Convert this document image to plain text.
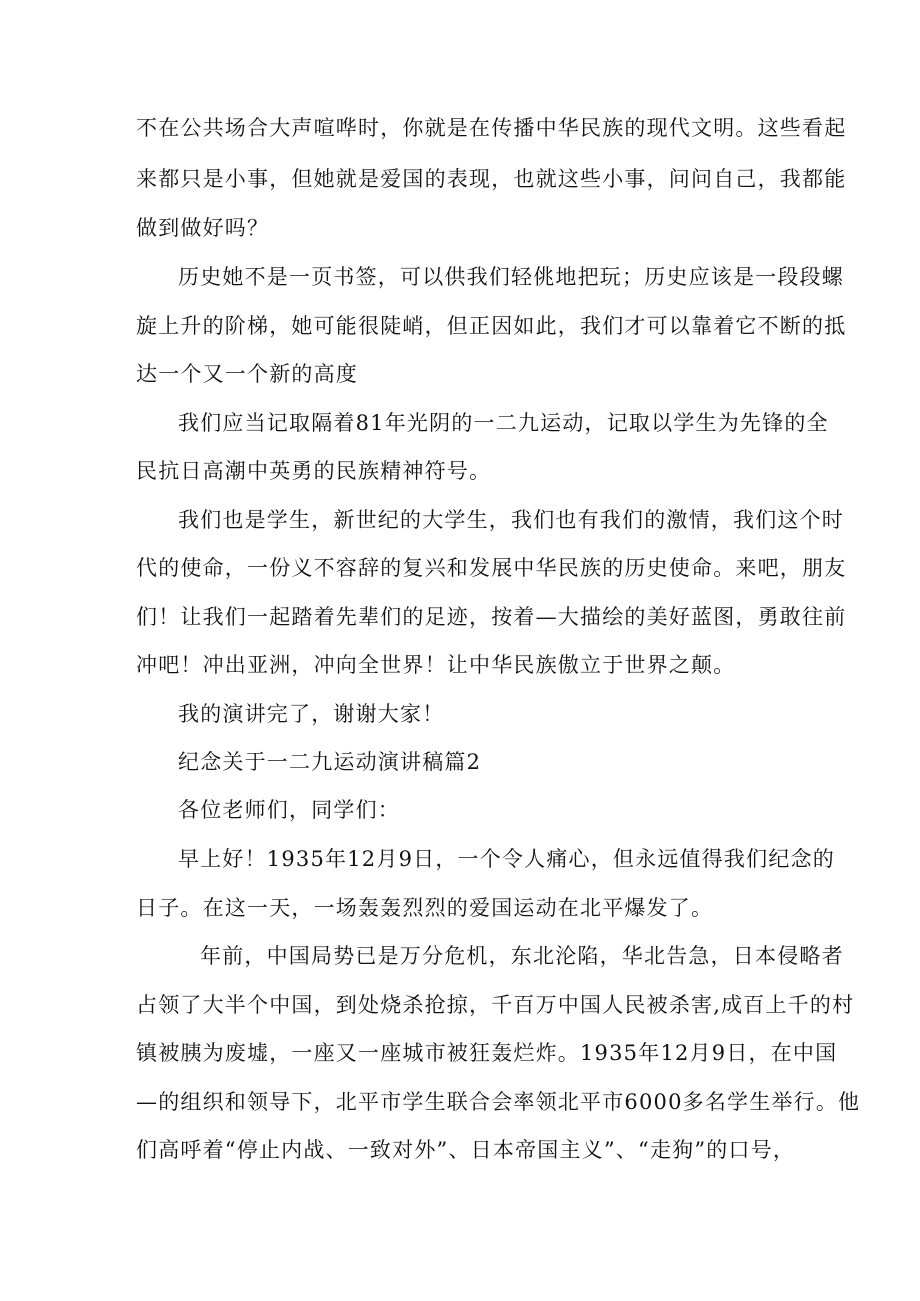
不在公共场合大声喧哗时，你就是在传播中华民族的现代文明。这些看起
来都只是小事，但她就是爱国的表现，也就这些小事，问问自己，我都能
做到做好吗？
历史她不是一页书签，可以供我们轻佻地把玩；历史应该是一段段螺
旋上升的阶梯，她可能很陡峭，但正因如此，我们才可以靠着它不断的抵
达一个又一个新的高度
我们应当记取隔着81年光阴的一二九运动，记取以学生为先锋的全
民抗日高潮中英勇的民族精神符号。
我们也是学生，新世纪的大学生，我们也有我们的激情，我们这个时
代的使命，一份义不容辞的复兴和发展中华民族的历史使命。来吧，朋友
们！让我们一起踏着先辈们的足迹，按着—大描绘的美好蓝图，勇敢往前
冲吧！冲出亚洲，冲向全世界！让中华民族傲立于世界之颠。
我的演讲完了，谢谢大家！
纪念关于一二九运动演讲稿篇2
各位老师们，同学们：
早上好！1935年12月9日，一个令人痛心，但永远值得我们纪念的
日子。在这一天，一场轰轰烈烈的爱国运动在北平爆发了。
年前，中国局势已是万分危机，东北沦陷，华北告急，日本侵略者
占领了大半个中国，到处烧杀抢掠，千百万中国人民被杀害,成百上千的村
镇被胰为废墟，一座又一座城市被狂轰烂炸。1935年12月9日，在中国
—的组织和领导下，北平市学生联合会率领北平市6000多名学生举行。他
们高呼着“停止内战、一致对外”、日本帝国主义”、“走狗”的口号，
